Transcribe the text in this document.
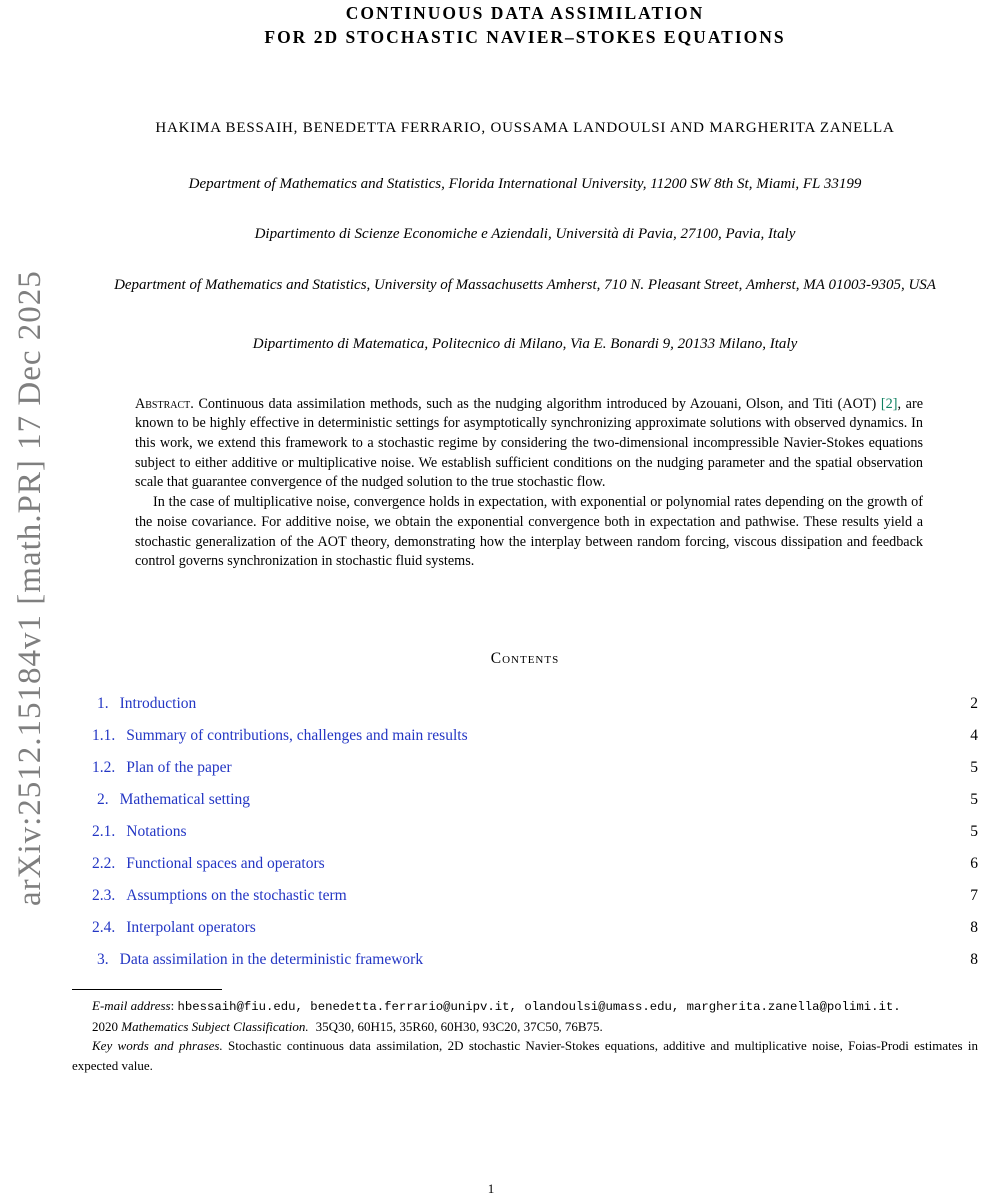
arXiv:2512.15184v1 [math.PR] 17 Dec 2025
CONTINUOUS DATA ASSIMILATION
FOR 2D STOCHASTIC NAVIER–STOKES EQUATIONS
HAKIMA BESSAIH, BENEDETTA FERRARIO, OUSSAMA LANDOULSI AND MARGHERITA ZANELLA
Department of Mathematics and Statistics, Florida International University, 11200 SW 8th St, Miami, FL 33199
Dipartimento di Scienze Economiche e Aziendali, Università di Pavia, 27100, Pavia, Italy
Department of Mathematics and Statistics, University of Massachusetts Amherst, 710 N. Pleasant Street, Amherst, MA 01003-9305, USA
Dipartimento di Matematica, Politecnico di Milano, Via E. Bonardi 9, 20133 Milano, Italy

Abstract. Continuous data assimilation methods, such as the nudging algorithm introduced by Azouani, Olson, and Titi (AOT) [2], are known to be highly effective in deterministic settings for asymptotically synchronizing approximate solutions with observed dynamics. In this work, we extend this framework to a stochastic regime by considering the two-dimensional incompressible Navier-Stokes equations subject to either additive or multiplicative noise. We establish sufficient conditions on the nudging parameter and the spatial observation scale that guarantee convergence of the nudged solution to the true stochastic flow.

In the case of multiplicative noise, convergence holds in expectation, with exponential or polynomial rates depending on the growth of the noise covariance. For additive noise, we obtain the exponential convergence both in expectation and pathwise. These results yield a stochastic generalization of the AOT theory, demonstrating how the interplay between random forcing, viscous dissipation and feedback control governs synchronization in stochastic fluid systems.

Contents
1. Introduction	2
1.1. Summary of contributions, challenges and main results	4
1.2. Plan of the paper	5
2. Mathematical setting	5
2.1. Notations	5
2.2. Functional spaces and operators	6
2.3. Assumptions on the stochastic term	7
2.4. Interpolant operators	8
3. Data assimilation in the deterministic framework	8

E-mail address: hbessaih@fiu.edu, benedetta.ferrario@unipv.it, olandoulsi@umass.edu, margherita.zanella@polimi.it.

2020 Mathematics Subject Classification. 35Q30, 60H15, 35R60, 60H30, 93C20, 37C50, 76B75.

Key words and phrases. Stochastic continuous data assimilation, 2D stochastic Navier-Stokes equations, additive and multiplicative noise, Foias-Prodi estimates in expected value.

1
